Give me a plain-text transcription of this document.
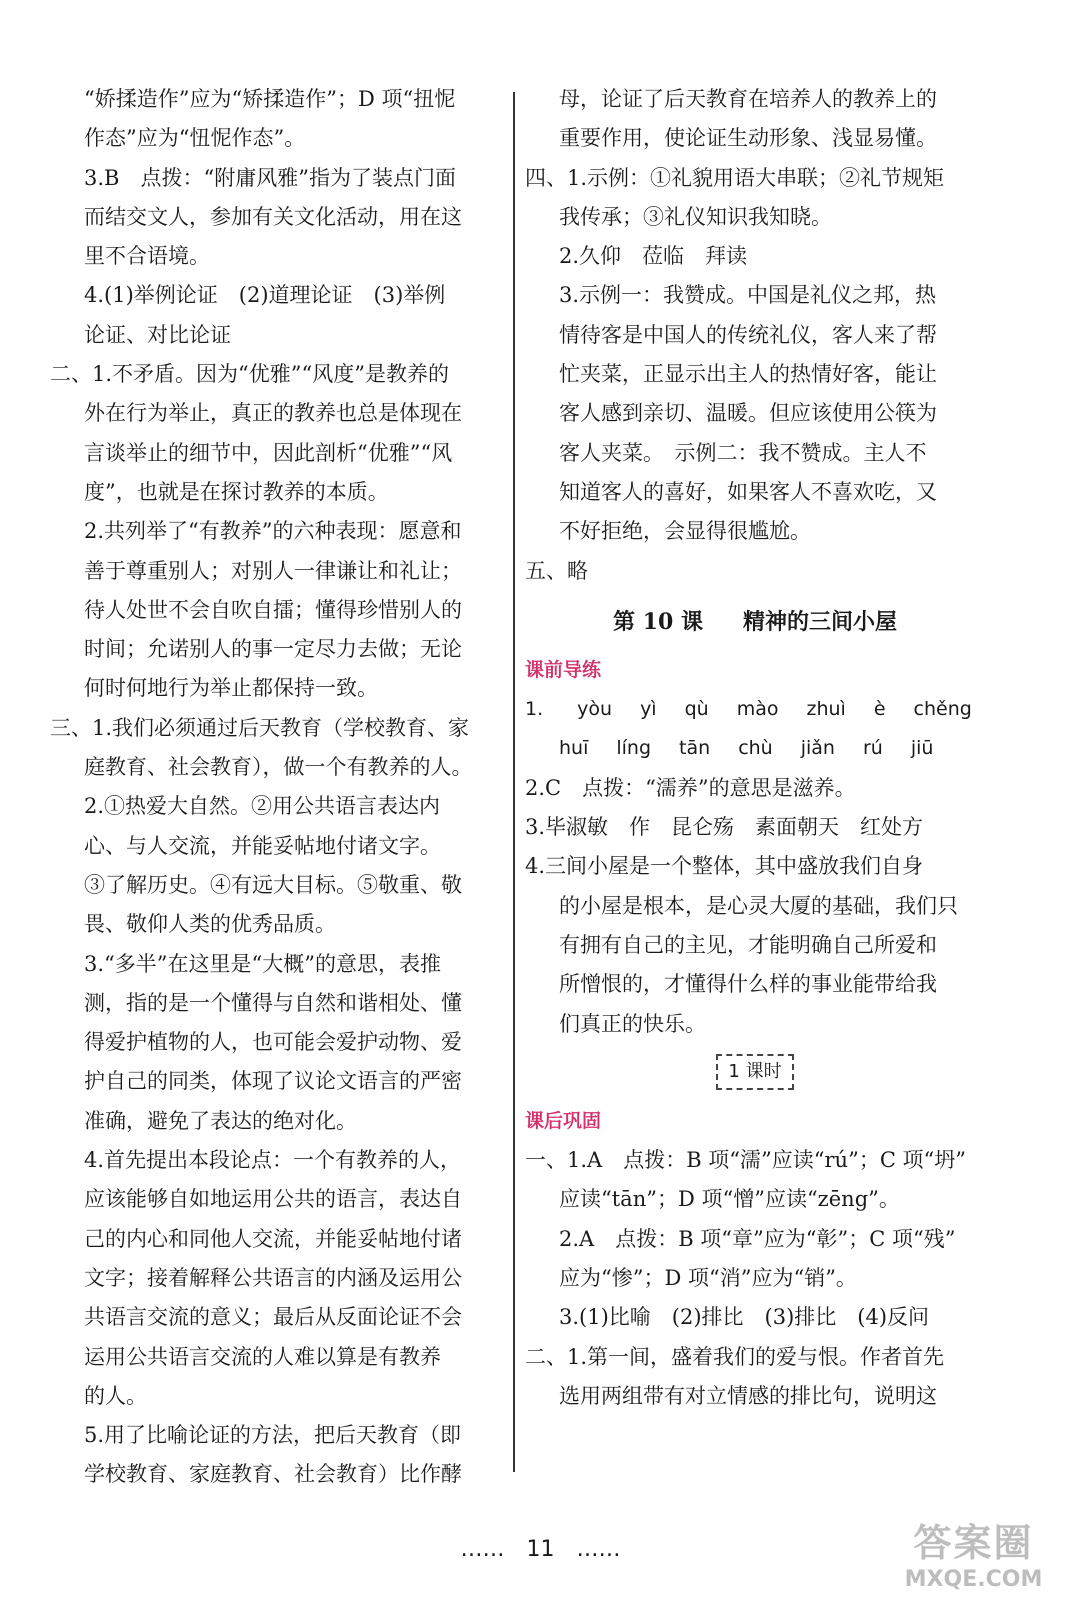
“娇揉造作”应为“矫揉造作”；D 项“扭怩
作态”应为“忸怩作态”。
3.B　点拨：“附庸风雅”指为了装点门面
而结交文人，参加有关文化活动，用在这
里不合语境。
4.(1)举例论证　(2)道理论证　(3)举例
论证、对比论证
二、1.不矛盾。因为“优雅”“风度”是教养的
外在行为举止，真正的教养也总是体现在
言谈举止的细节中，因此剖析“优雅”“风
度”，也就是在探讨教养的本质。
2.共列举了“有教养”的六种表现：愿意和
善于尊重别人；对别人一律谦让和礼让；
待人处世不会自吹自擂；懂得珍惜别人的
时间；允诺别人的事一定尽力去做；无论
何时何地行为举止都保持一致。
三、1.我们必须通过后天教育（学校教育、家
庭教育、社会教育），做一个有教养的人。
2.①热爱大自然。②用公共语言表达内
心、与人交流，并能妥帖地付诸文字。
③了解历史。④有远大目标。⑤敬重、敬
畏、敬仰人类的优秀品质。
3.“多半”在这里是“大概”的意思，表推
测，指的是一个懂得与自然和谐相处、懂
得爱护植物的人，也可能会爱护动物、爱
护自己的同类，体现了议论文语言的严密
准确，避免了表达的绝对化。
4.首先提出本段论点：一个有教养的人，
应该能够自如地运用公共的语言，表达自
己的内心和同他人交流，并能妥帖地付诸
文字；接着解释公共语言的内涵及运用公
共语言交流的意义；最后从反面论证不会
运用公共语言交流的人难以算是有教养
的人。
5.用了比喻论证的方法，把后天教育（即
学校教育、家庭教育、社会教育）比作酵
母，论证了后天教育在培养人的教养上的
重要作用，使论证生动形象、浅显易懂。
四、1.示例：①礼貌用语大串联；②礼节规矩
我传承；③礼仪知识我知晓。
2.久仰　莅临　拜读
3.示例一：我赞成。中国是礼仪之邦，热
情待客是中国人的传统礼仪，客人来了帮
忙夹菜，正显示出主人的热情好客，能让
客人感到亲切、温暖。但应该使用公筷为
客人夹菜。　示例二：我不赞成。主人不
知道客人的喜好，如果客人不喜欢吃，又
不好拒绝，会显得很尴尬。
五、略
第 10 课 精神的三间小屋
课前导练
1. yòu yì qù mào zhuì è chěng
huī líng tān chù jiǎn rú jiū
2.C　点拨：“濡养”的意思是滋养。
3.毕淑敏　作　昆仑殇　素面朝天　红处方
4.三间小屋是一个整体，其中盛放我们自身
的小屋是根本，是心灵大厦的基础，我们只
有拥有自己的主见，才能明确自己所爱和
所憎恨的，才懂得什么样的事业能带给我
们真正的快乐。
1 课时
课后巩固
一、1.A　点拨：B 项“濡”应读“rú”；C 项“坍”
应读“tān”；D 项“憎”应读“zēng”。
2.A　点拨：B 项“章”应为“彰”；C 项“残”
应为“惨”；D 项“消”应为“销”。
3.(1)比喻　(2)排比　(3)排比　(4)反问
二、1.第一间，盛着我们的爱与恨。作者首先
选用两组带有对立情感的排比句，说明这
……　11　……	答案圈
MXQE.COM
